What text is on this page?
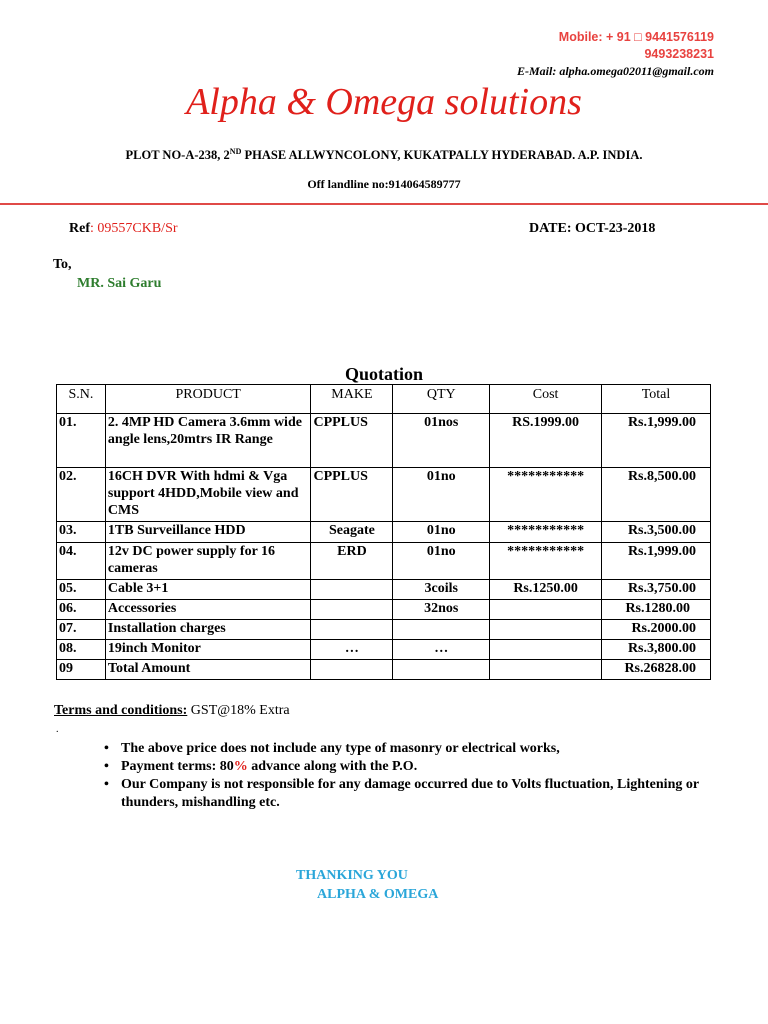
Mobile: + 91 □ 9441576119
9493238231
E-Mail: alpha.omega02011@gmail.com
Alpha & Omega solutions
PLOT NO-A-238, 2ND PHASE ALLWYNCOLONY, KUKATPALLY HYDERABAD. A.P. INDIA.
Off landline no:914064589777
Ref: 09557CKB/Sr	DATE: OCT-23-2018
To,
MR. Sai Garu
Quotation
S.N.	PRODUCT	MAKE	QTY	Cost	Total
01.	2. 4MP HD Camera 3.6mm wide angle lens,20mtrs IR Range	CPPLUS	01nos	RS.1999.00	Rs.1,999.00
02.	16CH DVR With hdmi & Vga support 4HDD,Mobile view and CMS	CPPLUS	01no	***********	Rs.8,500.00
03.	1TB Surveillance HDD	Seagate	01no	***********	Rs.3,500.00
04.	12v DC power supply for 16 cameras	ERD	01no	***********	Rs.1,999.00
05.	Cable 3+1		3coils	Rs.1250.00	Rs.3,750.00
06.	Accessories		32nos		Rs.1280.00
07.	Installation charges				Rs.2000.00
08.	19inch Monitor	…	…		Rs.3,800.00
09	Total Amount				Rs.26828.00
Terms and conditions: GST@18% Extra
.
• The above price does not include any type of masonry or electrical works,
• Payment terms: 80% advance along with the P.O.
• Our Company is not responsible for any damage occurred due to Volts fluctuation, Lightening or thunders, mishandling etc.
THANKING YOU
ALPHA & OMEGA
